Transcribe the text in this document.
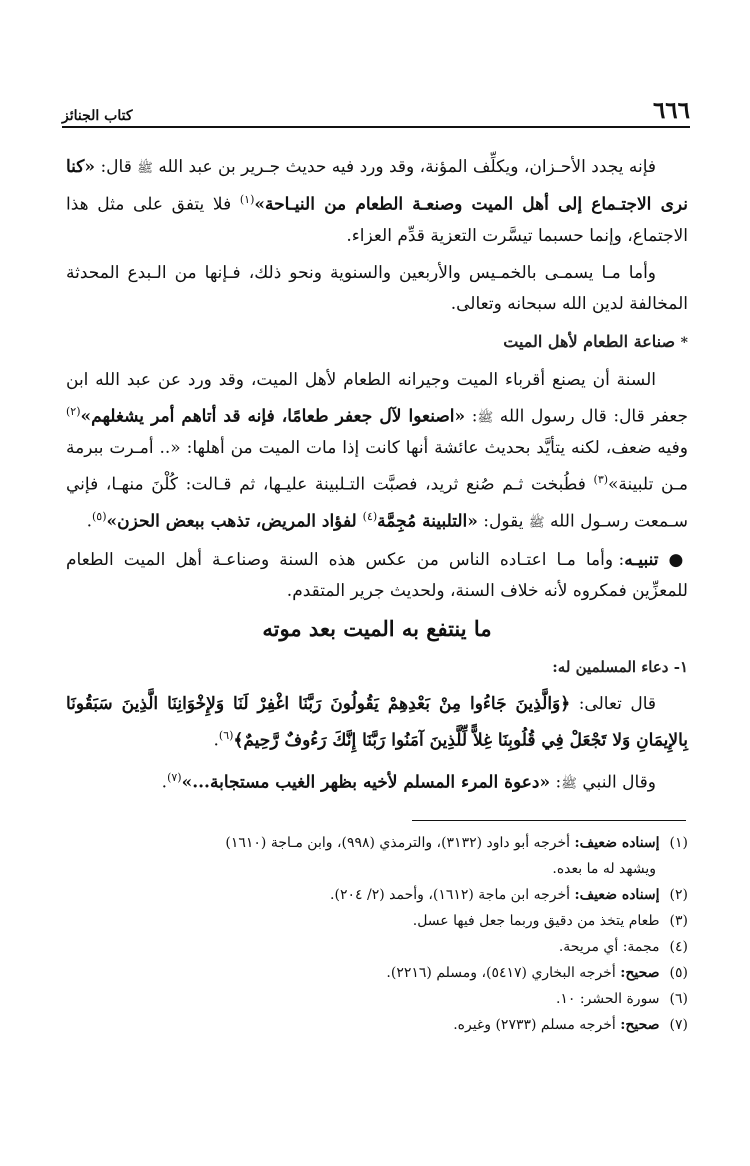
٦٦٦
كتاب الجنائز

فإنه يجدد الأحـزان، ويكلِّف المؤنة، وقد ورد فيه حديث جـرير بن عبد الله ﷺ قال: «كنا نرى الاجتـماع إلى أهل الميت وصنعـة الطعام من النيـاحة»$^{(١)}$ فلا يتفق على مثل هذا الاجتماع، وإنما حسبما تيسَّرت التعزية قدِّم العزاء.

وأما مـا يسمـى بالخمـيس والأربعين والسنوية ونحو ذلك، فـإنها من الـبدع المحدثة المخالفة لدين الله سبحانه وتعالى.

* صناعة الطعام لأهل الميت

السنة أن يصنع أقرباء الميت وجيرانه الطعام لأهل الميت، وقد ورد عن عبد الله ابن جعفر قال: قال رسول الله ﷺ: «اصنعوا لآل جعفر طعامًا، فإنه قد أتاهم أمر يشغلهم»$^{(٢)}$ وفيه ضعف، لكنه يتأيَّد بحديث عائشة أنها كانت إذا مات الميت من أهلها: «.. أمـرت ببرمة مـن تلبينة»$^{(٣)}$ فطُبخت ثـم صُنع ثريد، فصبَّت التـلبينة عليـها، ثم قـالت: كُلْنَ منهـا، فإني سـمعت رسـول الله ﷺ يقول: «التلبينة مُجِمَّة$^{(٤)}$ لفؤاد المريض، تذهب ببعض الحزن»$^{(٥)}$.

● تنبيـه: وأما مـا اعتـاده الناس من عكس هذه السنة وصناعـة أهل الميت الطعام للمعزِّين فمكروه لأنه خلاف السنة، ولحديث جرير المتقدم.

ما ينتفع به الميت بعد موته
١- دعاء المسلمين له:

قال تعالى: ﴿وَالَّذِينَ جَاءُوا مِنْ بَعْدِهِمْ يَقُولُونَ رَبَّنَا اغْفِرْ لَنَا وَلإِخْوَانِنَا الَّذِينَ سَبَقُونَا بِالإِيمَانِ وَلا تَجْعَلْ فِي قُلُوبِنَا غِلاًّ لِّلَّذِينَ آمَنُوا رَبَّنَا إِنَّكَ رَءُوفٌ رَّحِيمٌ﴾$^{(٦)}$.

وقال النبي ﷺ: «دعوة المرء المسلم لأخيه بظهر الغيب مستجابة...»$^{(٧)}$.

(١) إسناده ضعيف: أخرجه أبو داود (٣١٣٢)، والترمذي (٩٩٨)، وابن مـاجة (١٦١٠)
ويشهد له ما بعده.
(٢) إسناده ضعيف: أخرجه ابن ماجة (١٦١٢)، وأحمد (٢/ ٢٠٤).
(٣) طعام يتخذ من دقيق وربما جعل فيها عسل.
(٤) مجمة: أي مريحة.
(٥) صحيح: أخرجه البخاري (٥٤١٧)، ومسلم (٢٢١٦).
(٦) سورة الحشر: ١٠.
(٧) صحيح: أخرجه مسلم (٢٧٣٣) وغيره.
